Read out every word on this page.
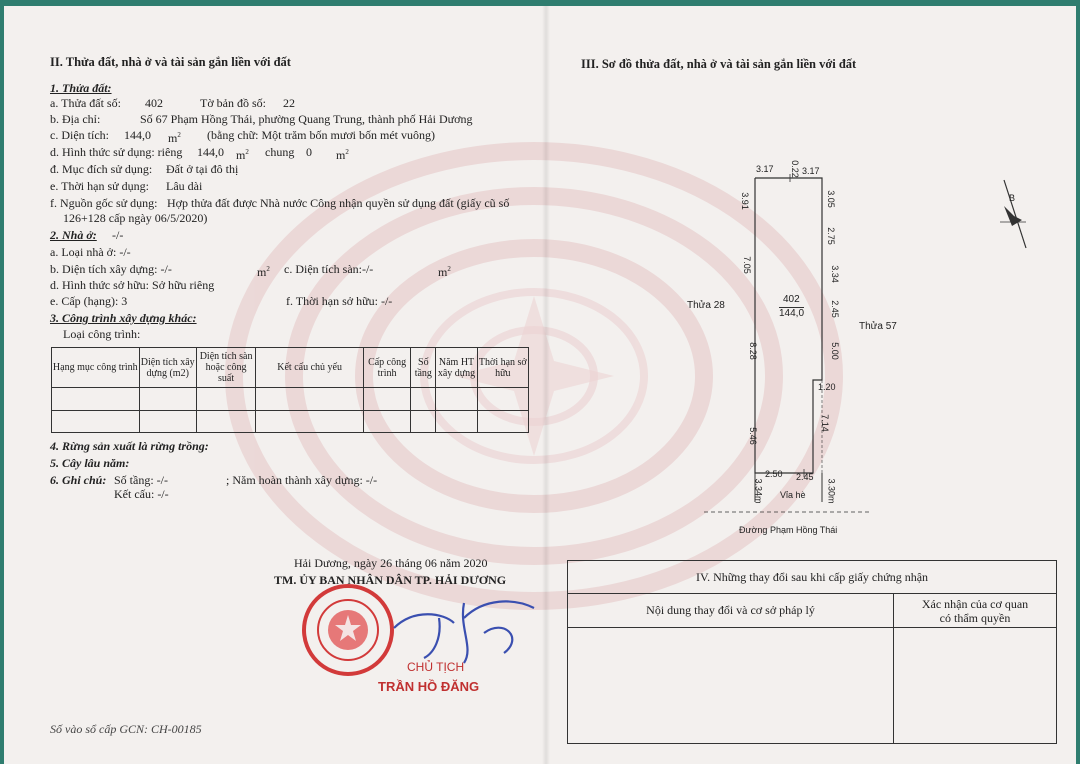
II. Thửa đất, nhà ở và tài sản gắn liền với đất
1. Thửa đất:
a. Thửa đất số: 402	Tờ bản đồ số: 22
b. Địa chỉ:	Số 67 Phạm Hồng Thái, phường Quang Trung, thành phố Hải Dương
c. Diện tích: 144,0 $m^2$ (bằng chữ: Một trăm bốn mươi bốn mét vuông)
d. Hình thức sử dụng: riêng 144,0 $m^2$ chung 0 $m^2$
đ. Mục đích sử dụng: Đất ở tại đô thị
e. Thời hạn sử dụng: Lâu dài
f. Nguồn gốc sử dụng: Hợp thửa đất được Nhà nước Công nhận quyền sử dụng đất (giấy cũ số
126+128 cấp ngày 06/5/2020)
2. Nhà ở: -/-
a. Loại nhà ở: -/-
b. Diện tích xây dựng: -/-	$m^2$ c. Diện tích sàn:-/-	$m^2$
d. Hình thức sở hữu: Sở hữu riêng
e. Cấp (hạng): 3	f. Thời hạn sở hữu: -/-
3. Công trình xây dựng khác:
Loại công trình:
Hạng mục công trình	Diện tích xây dựng (m2)	Diện tích sàn hoặc công suất	Kết cấu chủ yếu	Cấp công trình	Số tầng	Năm HT xây dựng	Thời hạn sở hữu

4. Rừng sản xuất là rừng trồng:
5. Cây lâu năm:
6. Ghi chú: Số tầng: -/-	; Năm hoàn thành xây dựng: -/-
Kết cấu: -/-
Hải Dương, ngày 26 tháng 06 năm 2020
TM. ỦY BAN NHÂN DÂN TP. HẢI DƯƠNG
CHỦ TỊCH
TRẦN HỒ ĐĂNG
Số vào sổ cấp GCN: CH-00185
III. Sơ đồ thửa đất, nhà ở và tài sản gắn liền với đất
3.17 0.22 3.17
3.91
7.05
8.28
5.46
3.05
2.75
3.34
2.45
5.00
1.20
7.14
2.50 2.45
3.34m	3.30m
402
144,0
Thửa 28
Thửa 57
Vỉa hè
Đường Phạm Hồng Thái
B
IV. Những thay đổi sau khi cấp giấy chứng nhận
Nội dung thay đổi và cơ sở pháp lý	Xác nhận của cơ quan
có thẩm quyền
